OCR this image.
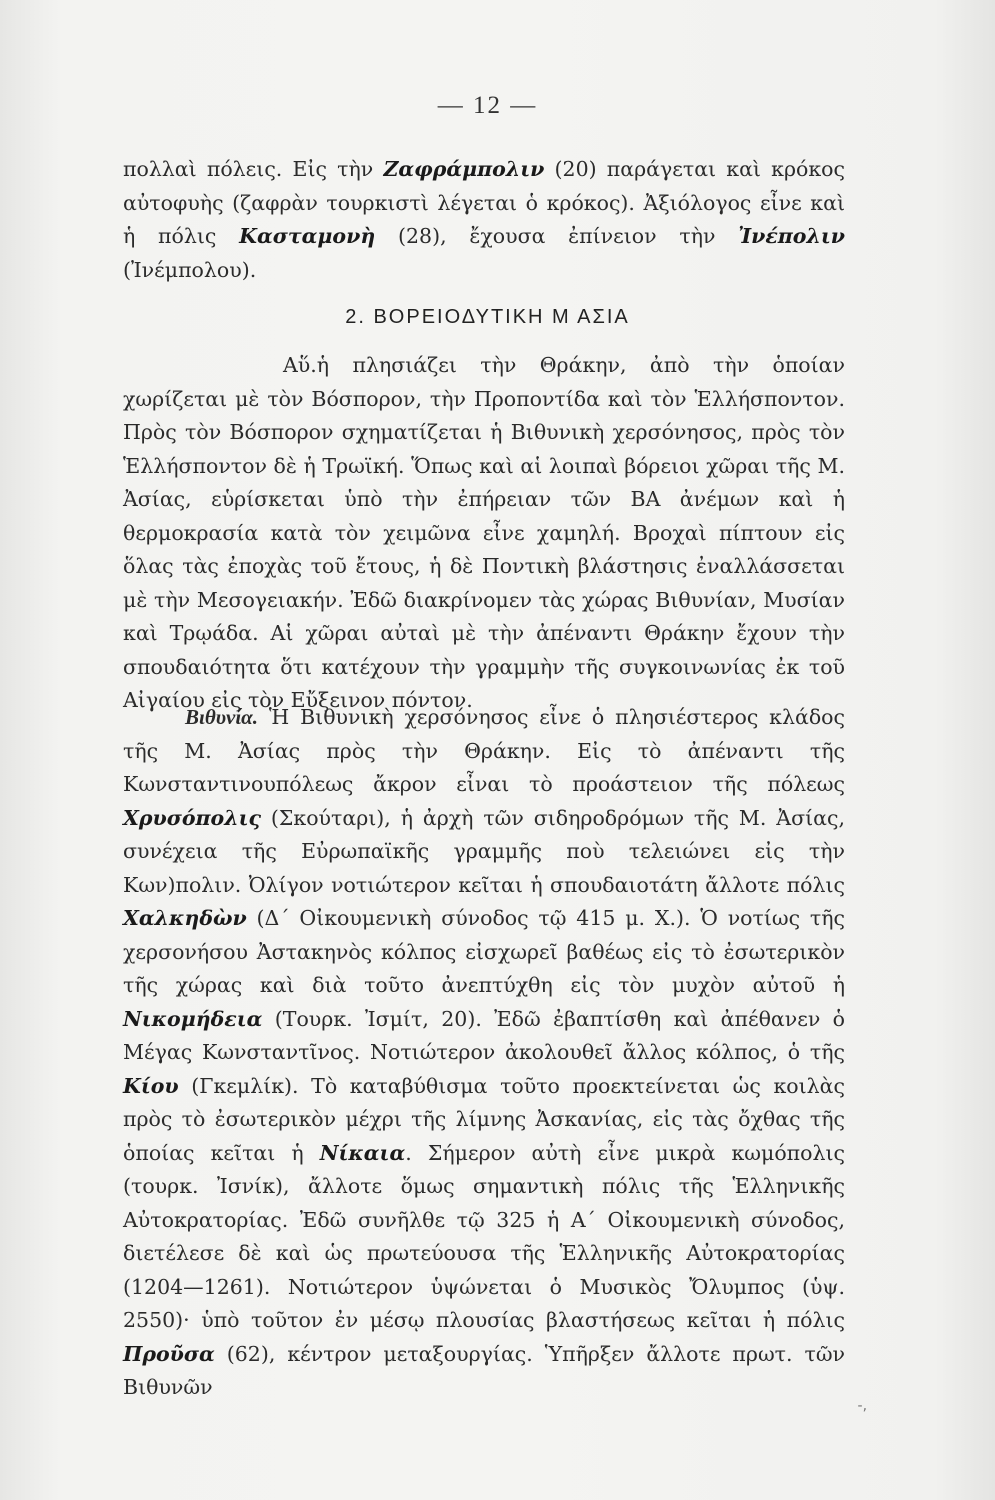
— 12 —
πολλαὶ πόλεις. Εἰς τὴν Ζαφράμπολιν (20) παράγεται καὶ κρόκος αὐτοφυὴς (ζαφρὰν τουρκιστὶ λέγεται ὁ κρόκος). Ἀξιόλογος εἶνε καὶ ἡ πόλις Κασταμονὴ (28), ἔχουσα ἐπίνειον τὴν Ἰνέπολιν (Ἰνέμπολου).
2. ΒΟΡΕΙΟΔΥΤΙΚΗ Μ ΑΣΙΑ
Αὕ.ἡ πλησιάζει τὴν Θράκην, ἀπὸ τὴν ὁποίαν χωρίζεται μὲ τὸν Βόσπορον, τὴν Προποντίδα καὶ τὸν Ἑλλήσποντον. Πρὸς τὸν Βόσπορον σχηματίζεται ἡ Βιθυνικὴ χερσόνησος, πρὸς τὸν Ἑλλήσποντον δὲ ἡ Τρωϊκή. Ὅπως καὶ αἱ λοιπαὶ βόρειοι χῶραι τῆς Μ. Ἀσίας, εὑρίσκεται ὑπὸ τὴν ἐπήρειαν τῶν ΒΑ ἀνέμων καὶ ἡ θερμοκρασία κατὰ τὸν χειμῶνα εἶνε χαμηλή. Βροχαὶ πίπτουν εἰς ὅλας τὰς ἐποχὰς τοῦ ἔτους, ἡ δὲ Ποντικὴ βλάστησις ἐναλλάσσεται μὲ τὴν Μεσογειακήν. Ἐδῶ διακρίνομεν τὰς χώρας Βιθυνίαν, Μυσίαν καὶ Τρῳάδα. Αἱ χῶραι αὐταὶ μὲ τὴν ἀπέναντι Θράκην ἔχουν τὴν σπουδαιότητα ὅτι κατέχουν τὴν γραμμὴν τῆς συγκοινωνίας ἐκ τοῦ Αἰγαίου εἰς τὸν Εὔξεινον πόντον.
Βιθυνία. Ἡ Βιθυνικὴ χερσόνησος εἶνε ὁ πλησιέστερος κλάδος τῆς Μ. Ἀσίας πρὸς τὴν Θράκην. Εἰς τὸ ἀπέναντι τῆς Κωνσταντινουπόλεως ἄκρον εἶναι τὸ προάστειον τῆς πόλεως Χρυσόπολις (Σκούταρι), ἡ ἀρχὴ τῶν σιδηροδρόμων τῆς Μ. Ἀσίας, συνέχεια τῆς Εὐρωπαϊκῆς γραμμῆς ποὺ τελειώνει εἰς τὴν Κων)πολιν. Ὀλίγον νοτιώτερον κεῖται ἡ σπουδαιοτάτη ἄλλοτε πόλις Χαλκηδὼν (Δ΄ Οἰκουμενικὴ σύνοδος τῷ 415 μ. Χ.). Ὁ νοτίως τῆς χερσονήσου Ἀστακηνὸς κόλπος εἰσχωρεῖ βαθέως εἰς τὸ ἐσωτερικὸν τῆς χώρας καὶ διὰ τοῦτο ἀνεπτύχθη εἰς τὸν μυχὸν αὐτοῦ ἡ Νικομήδεια (Τουρκ. Ἰσμίτ, 20). Ἐδῶ ἐβαπτίσθη καὶ ἀπέθανεν ὁ Μέγας Κωνσταντῖνος. Νοτιώτερον ἀκολουθεῖ ἄλλος κόλπος, ὁ τῆς Κίου (Γκεμλίκ). Τὸ καταβύθισμα τοῦτο προεκτείνεται ὡς κοιλὰς πρὸς τὸ ἐσωτερικὸν μέχρι τῆς λίμνης Ἀσκανίας, εἰς τὰς ὄχθας τῆς ὁποίας κεῖται ἡ Νίκαια. Σήμερον αὐτὴ εἶνε μικρὰ κωμόπολις (τουρκ. Ἰσνίκ), ἄλλοτε ὅμως σημαντικὴ πόλις τῆς Ἑλληνικῆς Αὐτοκρατορίας. Ἐδῶ συνῆλθε τῷ 325 ἡ Α΄ Οἰκουμενικὴ σύνοδος, διετέλεσε δὲ καὶ ὡς πρωτεύουσα τῆς Ἑλληνικῆς Αὐτοκρατορίας (1204—1261). Νοτιώτερον ὑψώνεται ὁ Μυσικὸς Ὄλυμπος (ὑψ. 2550)· ὑπὸ τοῦτον ἐν μέσῳ πλουσίας βλαστήσεως κεῖται ἡ πόλις Προῦσα (62), κέντρον μεταξουργίας. Ὑπῆρξεν ἄλλοτε πρωτ. τῶν Βιθυνῶν
-‚
